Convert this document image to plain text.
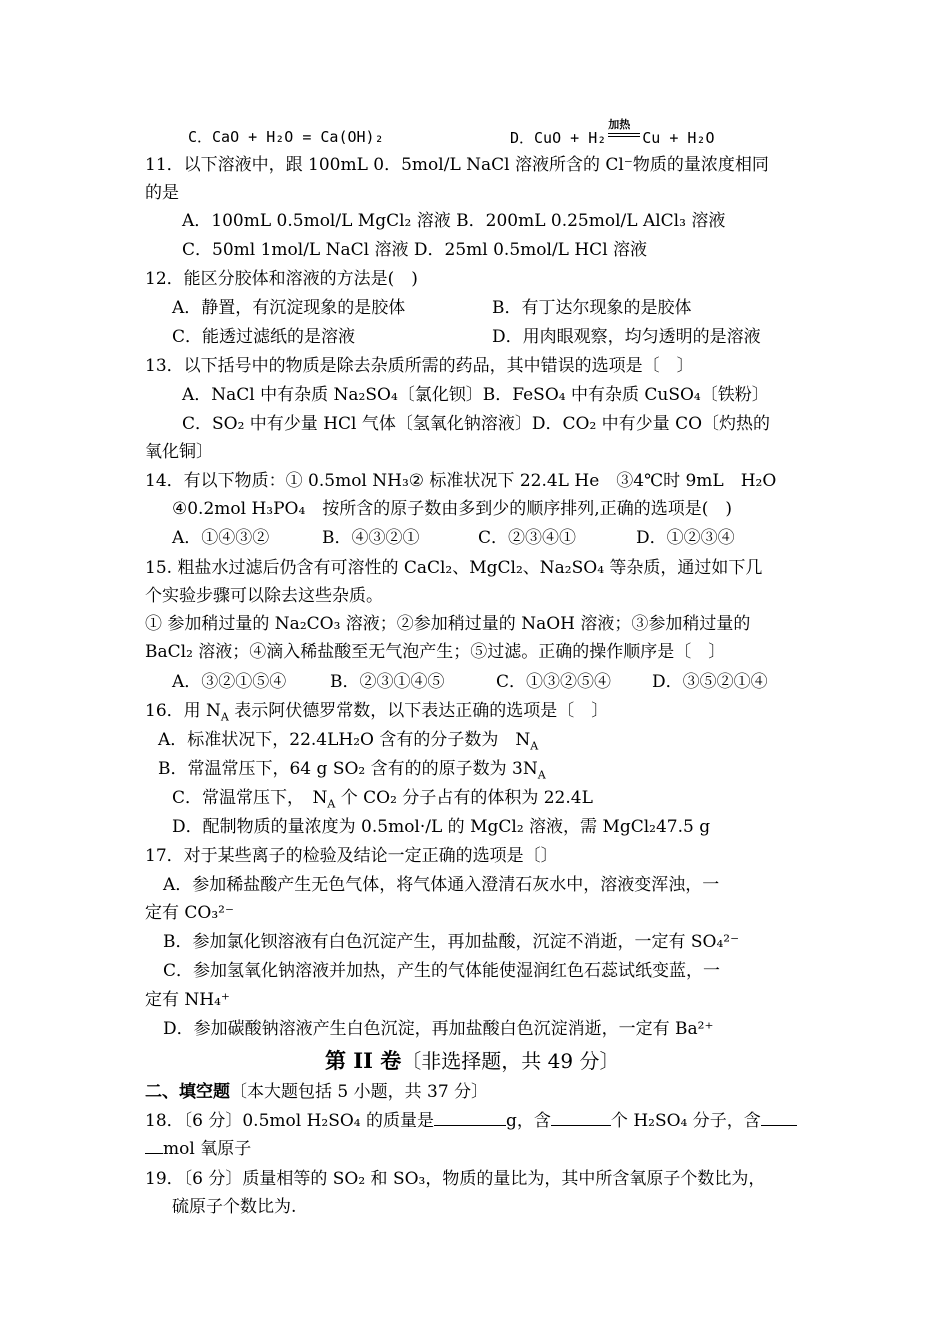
C．CaO + H₂O = Ca(OH)₂	D．CuO + H₂
加热
Cu + H₂O
11．以下溶液中，跟 100mL 0．5mol/L NaCl 溶液所含的 Cl⁻物质的量浓度相同
的是
A．100mL 0.5mol/L MgCl₂ 溶液 B．200mL 0.25mol/L AlCl₃ 溶液
C．50ml 1mol/L NaCl 溶液 D．25ml 0.5mol/L HCl 溶液
12．能区分胶体和溶液的方法是(　)
A．静置，有沉淀现象的是胶体	B．有丁达尔现象的是胶体
C．能透过滤纸的是溶液	D．用肉眼观察，均匀透明的是溶液
13．以下括号中的物质是除去杂质所需的药品，其中错误的选项是〔　〕
A．NaCl 中有杂质 Na₂SO₄〔氯化钡〕B．FeSO₄ 中有杂质 CuSO₄〔铁粉〕
C．SO₂ 中有少量 HCl 气体〔氢氧化钠溶液〕D．CO₂ 中有少量 CO〔灼热的
氧化铜〕
14．有以下物质：① 0.5mol NH₃② 标准状况下 22.4L He　③4℃时 9mL　H₂O
④0.2mol H₃PO₄　按所含的原子数由多到少的顺序排列,正确的选项是(　)
A．①④③②	B．④③②①	C．②③④①	D．①②③④
15. 粗盐水过滤后仍含有可溶性的 CaCl₂、MgCl₂、Na₂SO₄ 等杂质，通过如下几
个实验步骤可以除去这些杂质。
① 参加稍过量的 Na₂CO₃ 溶液；②参加稍过量的 NaOH 溶液；③参加稍过量的
BaCl₂ 溶液；④滴入稀盐酸至无气泡产生；⑤过滤。正确的操作顺序是〔　〕
A．③②①⑤④	B．②③①④⑤	C．①③②⑤④ D．③⑤②①④
16．用 $N_A$ 表示阿伏德罗常数，以下表达正确的选项是〔　〕
A．标准状况下，22.4LH₂O 含有的分子数为　$N_A$
B．常温常压下，64 g SO₂ 含有的的原子数为 $3N_A$
C．常温常压下，　$N_A$ 个 CO₂ 分子占有的体积为 22.4L
D．配制物质的量浓度为 0.5mol·/L 的 MgCl₂ 溶液，需 MgCl₂47.5 g
17．对于某些离子的检验及结论一定正确的选项是〔〕
A．参加稀盐酸产生无色气体，将气体通入澄清石灰水中，溶液变浑浊，一
定有 CO₃²⁻
B．参加氯化钡溶液有白色沉淀产生，再加盐酸，沉淀不消逝，一定有 SO₄²⁻
C．参加氢氧化钠溶液并加热，产生的气体能使湿润红色石蕊试纸变蓝，一
定有 NH₄⁺
D．参加碳酸钠溶液产生白色沉淀，再加盐酸白色沉淀消逝，一定有 Ba²⁺
第 II 卷〔非选择题，共 49 分〕
二、填空题〔本大题包括 5 小题，共 37 分〕
18．〔6 分〕0.5mol H₂SO₄ 的质量是	g，含	个 H₂SO₄ 分子，含
mol 氧原子
19．〔6 分〕质量相等的 SO₂ 和 SO₃，物质的量比为，其中所含氧原子个数比为，
硫原子个数比为.
